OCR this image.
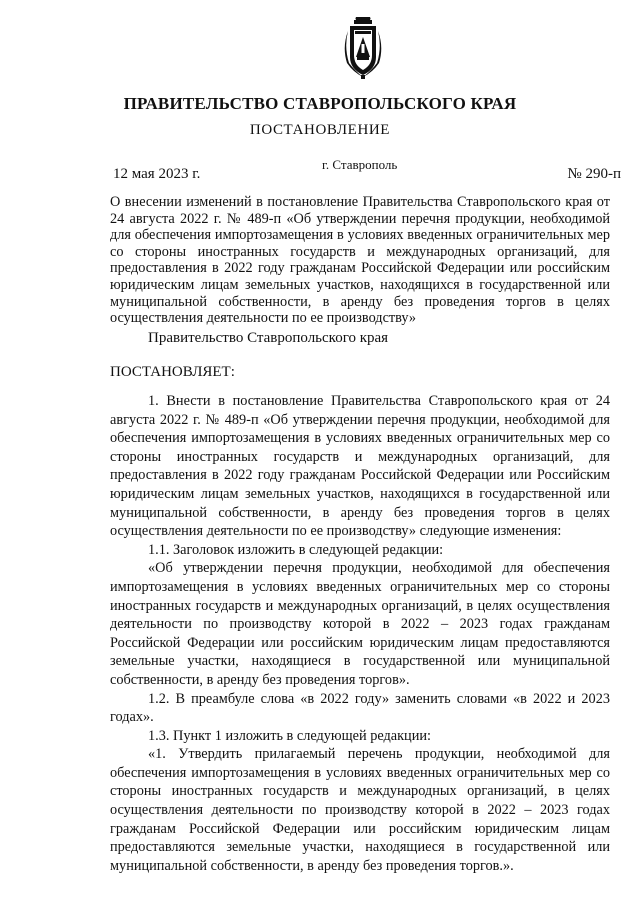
ПРАВИТЕЛЬСТВО СТАВРОПОЛЬСКОГО КРАЯ
ПОСТАНОВЛЕНИЕ
г. Ставрополь
12 мая 2023 г.	№ 290-п

О внесении изменений в постановление Правительства Ставропольского края от 24 августа 2022 г. № 489-п «Об утверждении перечня продукции, необходимой для обеспечения импортозамещения в условиях введенных ограничительных мер со стороны иностранных государств и международных организаций, для предоставления в 2022 году гражданам Российской Федерации или российским юридическим лицам земельных участков, находящихся в государственной или муниципальной собственности, в аренду без проведения торгов в целях осуществления деятельности по ее производству»

Правительство Ставропольского края
ПОСТАНОВЛЯЕТ:

1. Внести в постановление Правительства Ставропольского края от 24 августа 2022 г. № 489-п «Об утверждении перечня продукции, необходимой для обеспечения импортозамещения в условиях введенных ограничительных мер со стороны иностранных государств и международных организаций, для предоставления в 2022 году гражданам Российской Федерации или Российским юридическим лицам земельных участков, находящихся в государственной или муниципальной собственности, в аренду без проведения торгов в целях осуществления деятельности по ее производству» следующие изменения:

1.1. Заголовок изложить в следующей редакции:

«Об утверждении перечня продукции, необходимой для обеспечения импортозамещения в условиях введенных ограничительных мер со стороны иностранных государств и международных организаций, в целях осуществления деятельности по производству которой в 2022 – 2023 годах гражданам Российской Федерации или российским юридическим лицам предоставляются земельные участки, находящиеся в государственной или муниципальной собственности, в аренду без проведения торгов».

1.2. В преамбуле слова «в 2022 году» заменить словами «в 2022 и 2023 годах».

1.3. Пункт 1 изложить в следующей редакции:

«1. Утвердить прилагаемый перечень продукции, необходимой для обеспечения импортозамещения в условиях введенных ограничительных мер со стороны иностранных государств и международных организаций, в целях осуществления деятельности по производству которой в 2022 – 2023 годах гражданам Российской Федерации или российским юридическим лицам предоставляются земельные участки, находящиеся в государственной или муниципальной собственности, в аренду без проведения торгов.».
